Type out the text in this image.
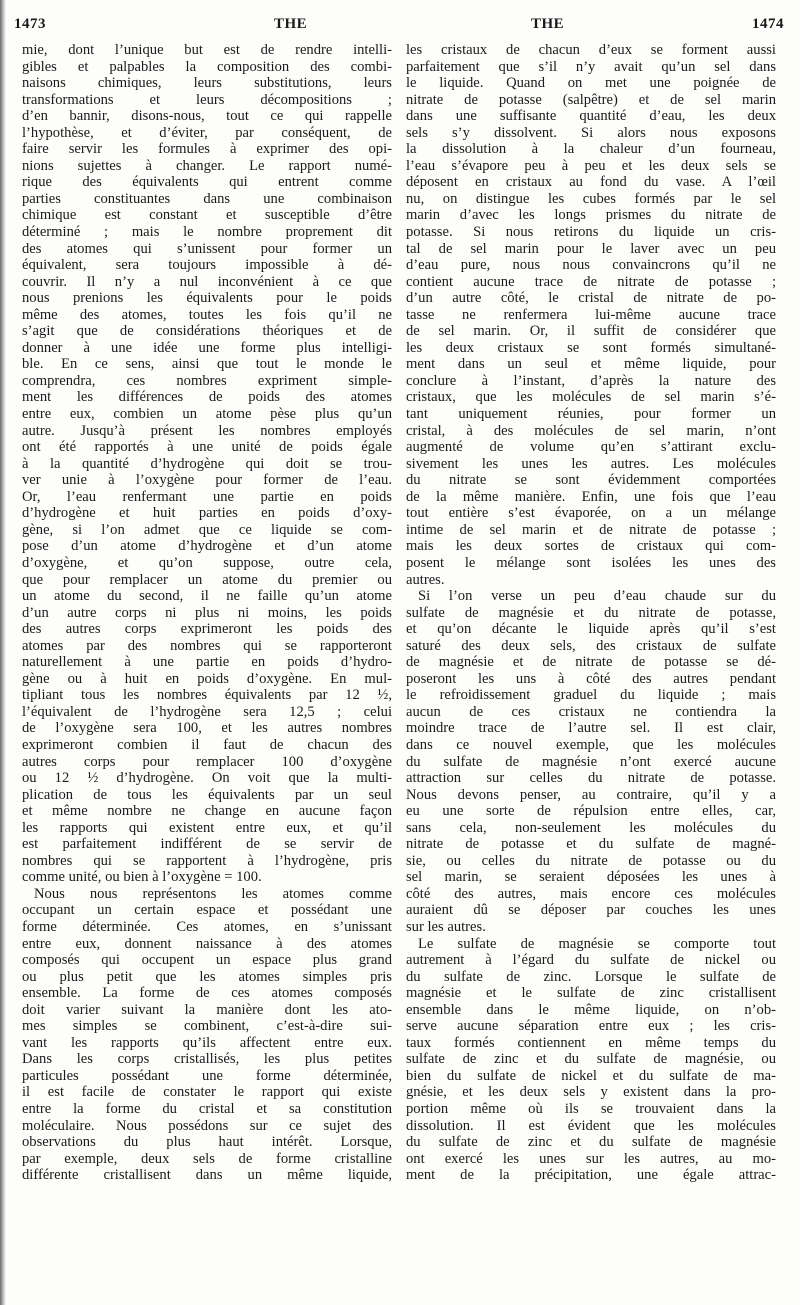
1473	THE	THE	1474
mie, dont l’unique but est de rendre intelli-
gibles et palpables la composition des combi-
naisons chimiques, leurs substitutions, leurs
transformations et leurs décompositions ;
d’en bannir, disons-nous, tout ce qui rappelle
l’hypothèse, et d’éviter, par conséquent, de
faire servir les formules à exprimer des opi-
nions sujettes à changer. Le rapport numé-
rique des équivalents qui entrent comme
parties constituantes dans une combinaison
chimique est constant et susceptible d’être
déterminé ; mais le nombre proprement dit
des atomes qui s’unissent pour former un
équivalent, sera toujours impossible à dé-
couvrir. Il n’y a nul inconvénient à ce que
nous prenions les équivalents pour le poids
même des atomes, toutes les fois qu’il ne
s’agit que de considérations théoriques et de
donner à une idée une forme plus intelligi-
ble. En ce sens, ainsi que tout le monde le
comprendra, ces nombres expriment simple-
ment les différences de poids des atomes
entre eux, combien un atome pèse plus qu’un
autre. Jusqu’à présent les nombres employés
ont été rapportés à une unité de poids égale
à la quantité d’hydrogène qui doit se trou-
ver unie à l’oxygène pour former de l’eau.
Or, l’eau renfermant une partie en poids
d’hydrogène et huit parties en poids d’oxy-
gène, si l’on admet que ce liquide se com-
pose d’un atome d’hydrogène et d’un atome
d’oxygène, et qu’on suppose, outre cela,
que pour remplacer un atome du premier ou
un atome du second, il ne faille qu’un atome
d’un autre corps ni plus ni moins, les poids
des autres corps exprimeront les poids des
atomes par des nombres qui se rapporteront
naturellement à une partie en poids d’hydro-
gène ou à huit en poids d’oxygène. En mul-
tipliant tous les nombres équivalents par 12 ½,
l’équivalent de l’hydrogène sera 12,5 ; celui
de l’oxygène sera 100, et les autres nombres
exprimeront combien il faut de chacun des
autres corps pour remplacer 100 d’oxygène
ou 12 ½ d’hydrogène. On voit que la multi-
plication de tous les équivalents par un seul
et même nombre ne change en aucune façon
les rapports qui existent entre eux, et qu’il
est parfaitement indifférent de se servir de
nombres qui se rapportent à l’hydrogène, pris
comme unité, ou bien à l’oxygène = 100.
Nous nous représentons les atomes comme
occupant un certain espace et possédant une
forme déterminée. Ces atomes, en s’unissant
entre eux, donnent naissance à des atomes
composés qui occupent un espace plus grand
ou plus petit que les atomes simples pris
ensemble. La forme de ces atomes composés
doit varier suivant la manière dont les ato-
mes simples se combinent, c’est-à-dire sui-
vant les rapports qu’ils affectent entre eux.
Dans les corps cristallisés, les plus petites
particules possédant une forme déterminée,
il est facile de constater le rapport qui existe
entre la forme du cristal et sa constitution
moléculaire. Nous possédons sur ce sujet des
observations du plus haut intérêt. Lorsque,
par exemple, deux sels de forme cristalline
différente cristallisent dans un même liquide,
les cristaux de chacun d’eux se forment aussi
parfaitement que s’il n’y avait qu’un sel dans
le liquide. Quand on met une poignée de
nitrate de potasse (salpêtre) et de sel marin
dans une suffisante quantité d’eau, les deux
sels s’y dissolvent. Si alors nous exposons
la dissolution à la chaleur d’un fourneau,
l’eau s’évapore peu à peu et les deux sels se
déposent en cristaux au fond du vase. A l’œil
nu, on distingue les cubes formés par le sel
marin d’avec les longs prismes du nitrate de
potasse. Si nous retirons du liquide un cris-
tal de sel marin pour le laver avec un peu
d’eau pure, nous nous convaincrons qu’il ne
contient aucune trace de nitrate de potasse ;
d’un autre côté, le cristal de nitrate de po-
tasse ne renfermera lui-même aucune trace
de sel marin. Or, il suffit de considérer que
les deux cristaux se sont formés simultané-
ment dans un seul et même liquide, pour
conclure à l’instant, d’après la nature des
cristaux, que les molécules de sel marin s’é-
tant uniquement réunies, pour former un
cristal, à des molécules de sel marin, n’ont
augmenté de volume qu’en s’attirant exclu-
sivement les unes les autres. Les molécules
du nitrate se sont évidemment comportées
de la même manière. Enfin, une fois que l’eau
tout entière s’est évaporée, on a un mélange
intime de sel marin et de nitrate de potasse ;
mais les deux sortes de cristaux qui com-
posent le mélange sont isolées les unes des
autres.
Si l’on verse un peu d’eau chaude sur du
sulfate de magnésie et du nitrate de potasse,
et qu’on décante le liquide après qu’il s’est
saturé des deux sels, des cristaux de sulfate
de magnésie et de nitrate de potasse se dé-
poseront les uns à côté des autres pendant
le refroidissement graduel du liquide ; mais
aucun de ces cristaux ne contiendra la
moindre trace de l’autre sel. Il est clair,
dans ce nouvel exemple, que les molécules
du sulfate de magnésie n’ont exercé aucune
attraction sur celles du nitrate de potasse.
Nous devons penser, au contraire, qu’il y a
eu une sorte de répulsion entre elles, car,
sans cela, non-seulement les molécules du
nitrate de potasse et du sulfate de magné-
sie, ou celles du nitrate de potasse ou du
sel marin, se seraient déposées les unes à
côté des autres, mais encore ces molécules
auraient dû se déposer par couches les unes
sur les autres.
Le sulfate de magnésie se comporte tout
autrement à l’égard du sulfate de nickel ou
du sulfate de zinc. Lorsque le sulfate de
magnésie et le sulfate de zinc cristallisent
ensemble dans le même liquide, on n’ob-
serve aucune séparation entre eux ; les cris-
taux formés contiennent en même temps du
sulfate de zinc et du sulfate de magnésie, ou
bien du sulfate de nickel et du sulfate de ma-
gnésie, et les deux sels y existent dans la pro-
portion même où ils se trouvaient dans la
dissolution. Il est évident que les molécules
du sulfate de zinc et du sulfate de magnésie
ont exercé les unes sur les autres, au mo-
ment de la précipitation, une égale attrac-
